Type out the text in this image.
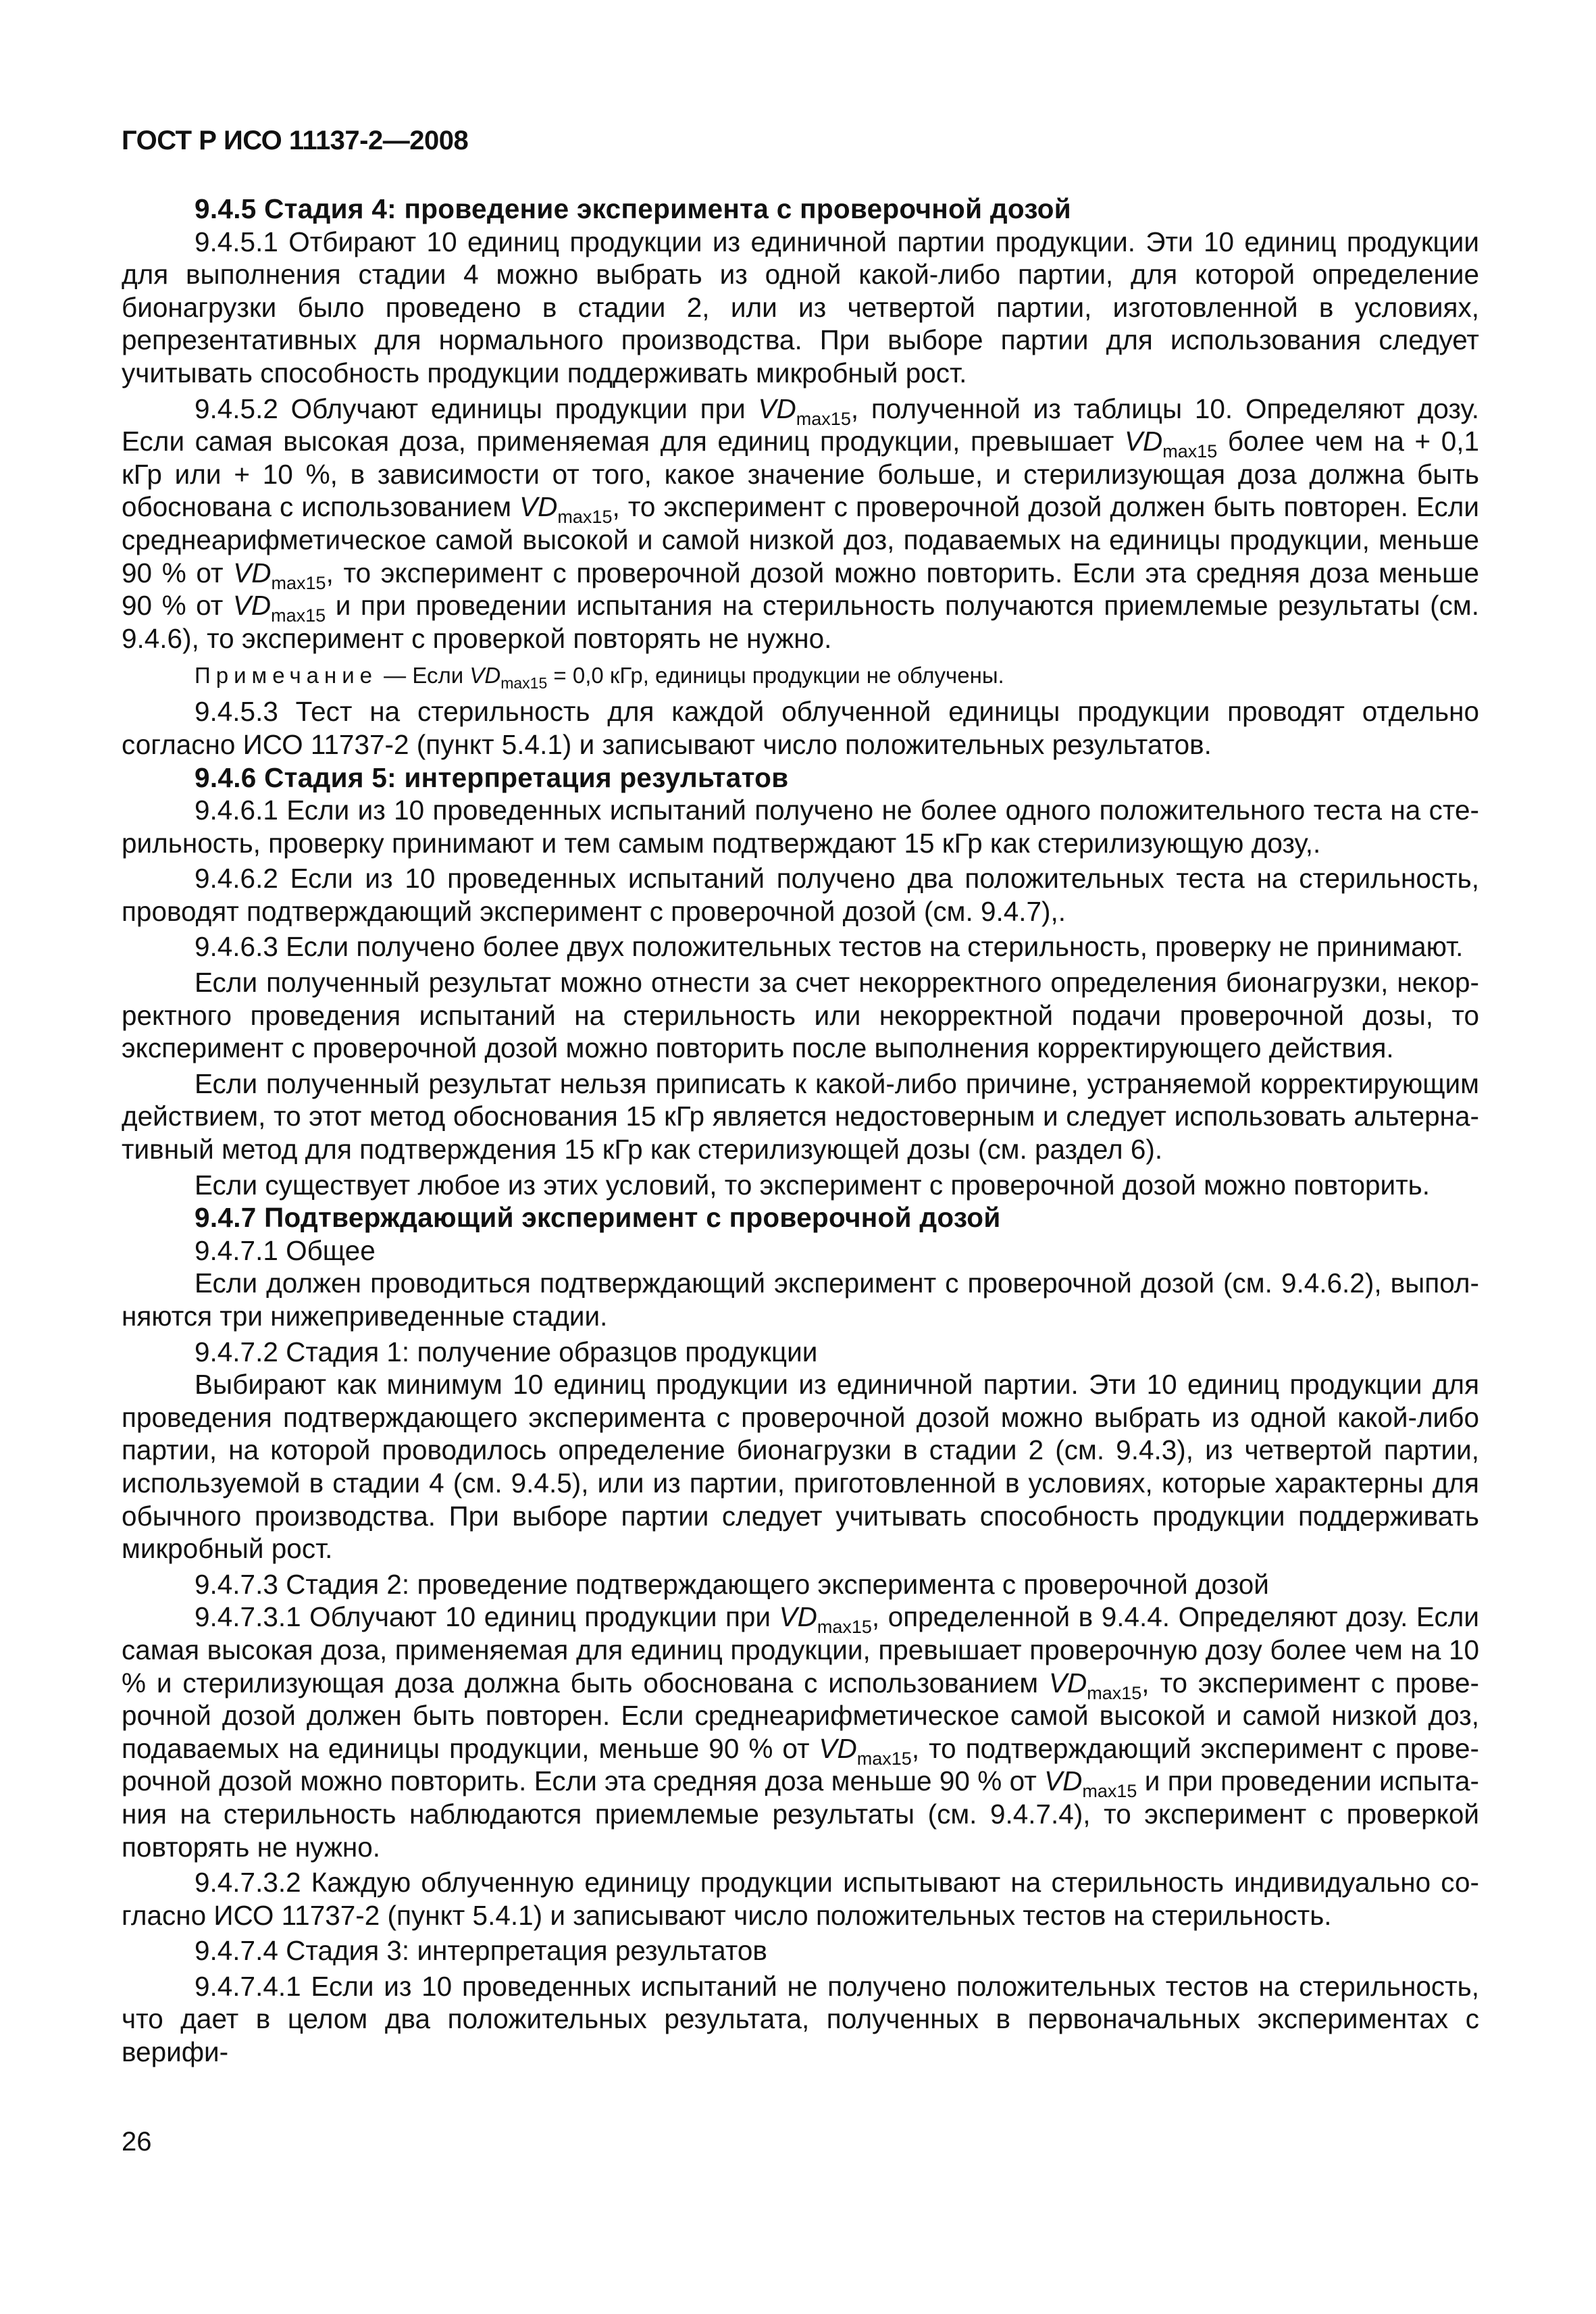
ГОСТ Р ИСО 11137-2—2008
9.4.5 Стадия 4: проведение эксперимента с проверочной дозой

9.4.5.1 Отбирают 10 единиц продукции из единичной партии продукции. Эти 10 единиц продукции для выполнения стадии 4 можно выбрать из одной какой-либо партии, для которой определение бионагрузки было проведено в стадии 2, или из четвертой партии, изготовленной в условиях, репрезентативных для нормального производства. При выборе партии для использования следует учитывать способность продукции поддерживать микробный рост.

9.4.5.2 Облучают единицы продукции при $VD_{max15}$, полученной из таблицы 10. Определяют дозу. Если самая высокая доза, применяемая для единиц продукции, превышает $VD_{max15}$ более чем на + 0,1 кГр или + 10 %, в зависимости от того, какое значение больше, и стерилизующая доза должна быть обоснована с использованием $VD_{max15}$, то эксперимент с проверочной дозой должен быть повторен. Если среднеарифметическое самой высокой и самой низкой доз, подаваемых на единицы продукции, меньше 90 % от $VD_{max15}$, то эксперимент с проверочной дозой можно повторить. Если эта средняя доза меньше 90 % от $VD_{max15}$ и при проведении испытания на стерильность получаются приемлемые результаты (см. 9.4.6), то эксперимент с проверкой повторять не нужно.

Примечание — Если $VD_{max15} = 0,0$ кГр, единицы продукции не облучены.

9.4.5.3 Тест на стерильность для каждой облученной единицы продукции проводят отдельно согласно ИСО 11737-2 (пункт 5.4.1) и записывают число положительных результатов.

9.4.6 Стадия 5: интерпретация результатов

9.4.6.1 Если из 10 проведенных испытаний получено не более одного положительного теста на стерильность, проверку принимают и тем самым подтверждают 15 кГр как стерилизующую дозу,.

9.4.6.2 Если из 10 проведенных испытаний получено два положительных теста на стерильность, проводят подтверждающий эксперимент с проверочной дозой (см. 9.4.7),.

9.4.6.3 Если получено более двух положительных тестов на стерильность, проверку не принимают.

Если полученный результат можно отнести за счет некорректного определения бионагрузки, некорректного проведения испытаний на стерильность или некорректной подачи проверочной дозы, то эксперимент с проверочной дозой можно повторить после выполнения корректирующего действия.

Если полученный результат нельзя приписать к какой-либо причине, устраняемой корректирующим действием, то этот метод обоснования 15 кГр является недостоверным и следует использовать альтернативный метод для подтверждения 15 кГр как стерилизующей дозы (см. раздел 6).

Если существует любое из этих условий, то эксперимент с проверочной дозой можно повторить.

9.4.7 Подтверждающий эксперимент с проверочной дозой

9.4.7.1 Общее

Если должен проводиться подтверждающий эксперимент с проверочной дозой (см. 9.4.6.2), выполняются три нижеприведенные стадии.

9.4.7.2 Стадия 1: получение образцов продукции

Выбирают как минимум 10 единиц продукции из единичной партии. Эти 10 единиц продукции для проведения подтверждающего эксперимента с проверочной дозой можно выбрать из одной какой-либо партии, на которой проводилось определение бионагрузки в стадии 2 (см. 9.4.3), из четвертой партии, используемой в стадии 4 (см. 9.4.5), или из партии, приготовленной в условиях, которые характерны для обычного производства. При выборе партии следует учитывать способность продукции поддерживать микробный рост.

9.4.7.3 Стадия 2: проведение подтверждающего эксперимента с проверочной дозой

9.4.7.3.1 Облучают 10 единиц продукции при $VD_{max15}$, определенной в 9.4.4. Определяют дозу. Если самая высокая доза, применяемая для единиц продукции, превышает проверочную дозу более чем на 10 % и стерилизующая доза должна быть обоснована с использованием $VD_{max15}$, то эксперимент с проверочной дозой должен быть повторен. Если среднеарифметическое самой высокой и самой низкой доз, подаваемых на единицы продукции, меньше 90 % от $VD_{max15}$, то подтверждающий эксперимент с проверочной дозой можно повторить. Если эта средняя доза меньше 90 % от $VD_{max15}$ и при проведении испытания на стерильность наблюдаются приемлемые результаты (см. 9.4.7.4), то эксперимент с проверкой повторять не нужно.

9.4.7.3.2 Каждую облученную единицу продукции испытывают на стерильность индивидуально согласно ИСО 11737-2 (пункт 5.4.1) и записывают число положительных тестов на стерильность.

9.4.7.4 Стадия 3: интерпретация результатов

9.4.7.4.1 Если из 10 проведенных испытаний не получено положительных тестов на стерильность, что дает в целом два положительных результата, полученных в первоначальных экспериментах с верифи-

26
